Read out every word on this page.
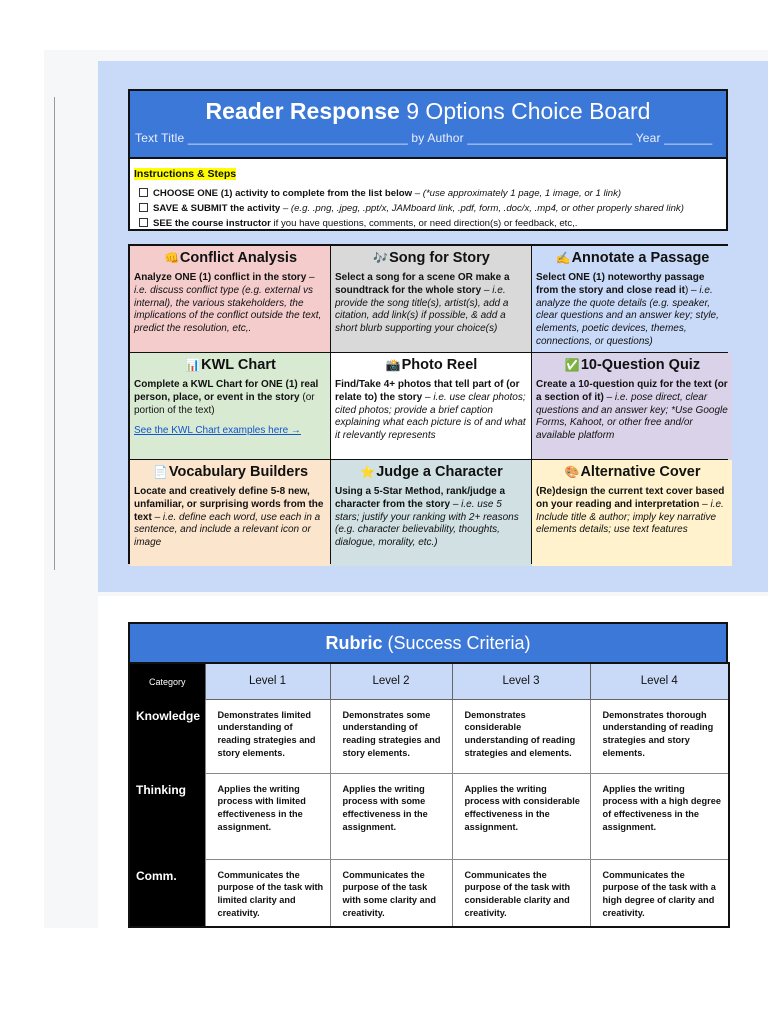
Reader Response 9 Options Choice Board
Text Title ________________________________ by Author ________________________ Year _______
Instructions & Steps
CHOOSE ONE (1) activity to complete from the list below – (*use approximately 1 page, 1 image, or 1 link)
SAVE & SUBMIT the activity – (e.g. .png, .jpeg, .ppt/x, JAMboard link, .pdf, form, .doc/x, .mp4, or other properly shared link)
SEE the course instructor if you have questions, comments, or need direction(s) or feedback, etc,.
👊Conflict Analysis
Analyze ONE (1) conflict in the story – i.e. discuss conflict type (e.g. external vs internal), the various stakeholders, the implications of the conflict outside the text, predict the resolution, etc,.
🎶Song for Story
Select a song for a scene OR make a soundtrack for the whole story – i.e. provide the song title(s), artist(s), add a citation, add link(s) if possible, & add a short blurb supporting your choice(s)
✍Annotate a Passage
Select ONE (1) noteworthy passage from the story and close read it) – i.e. analyze the quote details (e.g. speaker, clear questions and an answer key; style, elements, poetic devices, themes, connections, or questions)
📊KWL Chart
Complete a KWL Chart for ONE (1) real person, place, or event in the story (or portion of the text)
See the KWL Chart examples here →
📸Photo Reel
Find/Take 4+ photos that tell part of (or relate to) the story – i.e. use clear photos; cited photos; provide a brief caption explaining what each picture is of and what it relevantly represents
✅10-Question Quiz
Create a 10-question quiz for the text (or a section of it) – i.e. pose direct, clear questions and an answer key; *Use Google Forms, Kahoot, or other free and/or available platform
📄Vocabulary Builders
Locate and creatively define 5-8 new, unfamiliar, or surprising words from the text – i.e. define each word, use each in a sentence, and include a relevant icon or image
⭐Judge a Character
Using a 5-Star Method, rank/judge a character from the story – i.e. use 5 stars; justify your ranking with 2+ reasons (e.g. character believability, thoughts, dialogue, morality, etc.)
🎨Alternative Cover
(Re)design the current text cover based on your reading and interpretation – i.e. Include title & author; imply key narrative elements details; use text features
Rubric (Success Criteria)
Category	Level 1	Level 2	Level 3	Level 4
Knowledge	Demonstrates limited understanding of reading strategies and story elements.	Demonstrates some understanding of reading strategies and story elements.	Demonstrates considerable understanding of reading strategies and elements.	Demonstrates thorough understanding of reading strategies and story elements.
Thinking	Applies the writing process with limited effectiveness in the assignment.	Applies the writing process with some effectiveness in the assignment.	Applies the writing process with considerable effectiveness in the assignment.	Applies the writing process with a high degree of effectiveness in the assignment.
Comm.	Communicates the purpose of the task with limited clarity and creativity.	Communicates the purpose of the task with some clarity and creativity.	Communicates the purpose of the task with considerable clarity and creativity.	Communicates the purpose of the task with a high degree of clarity and creativity.
